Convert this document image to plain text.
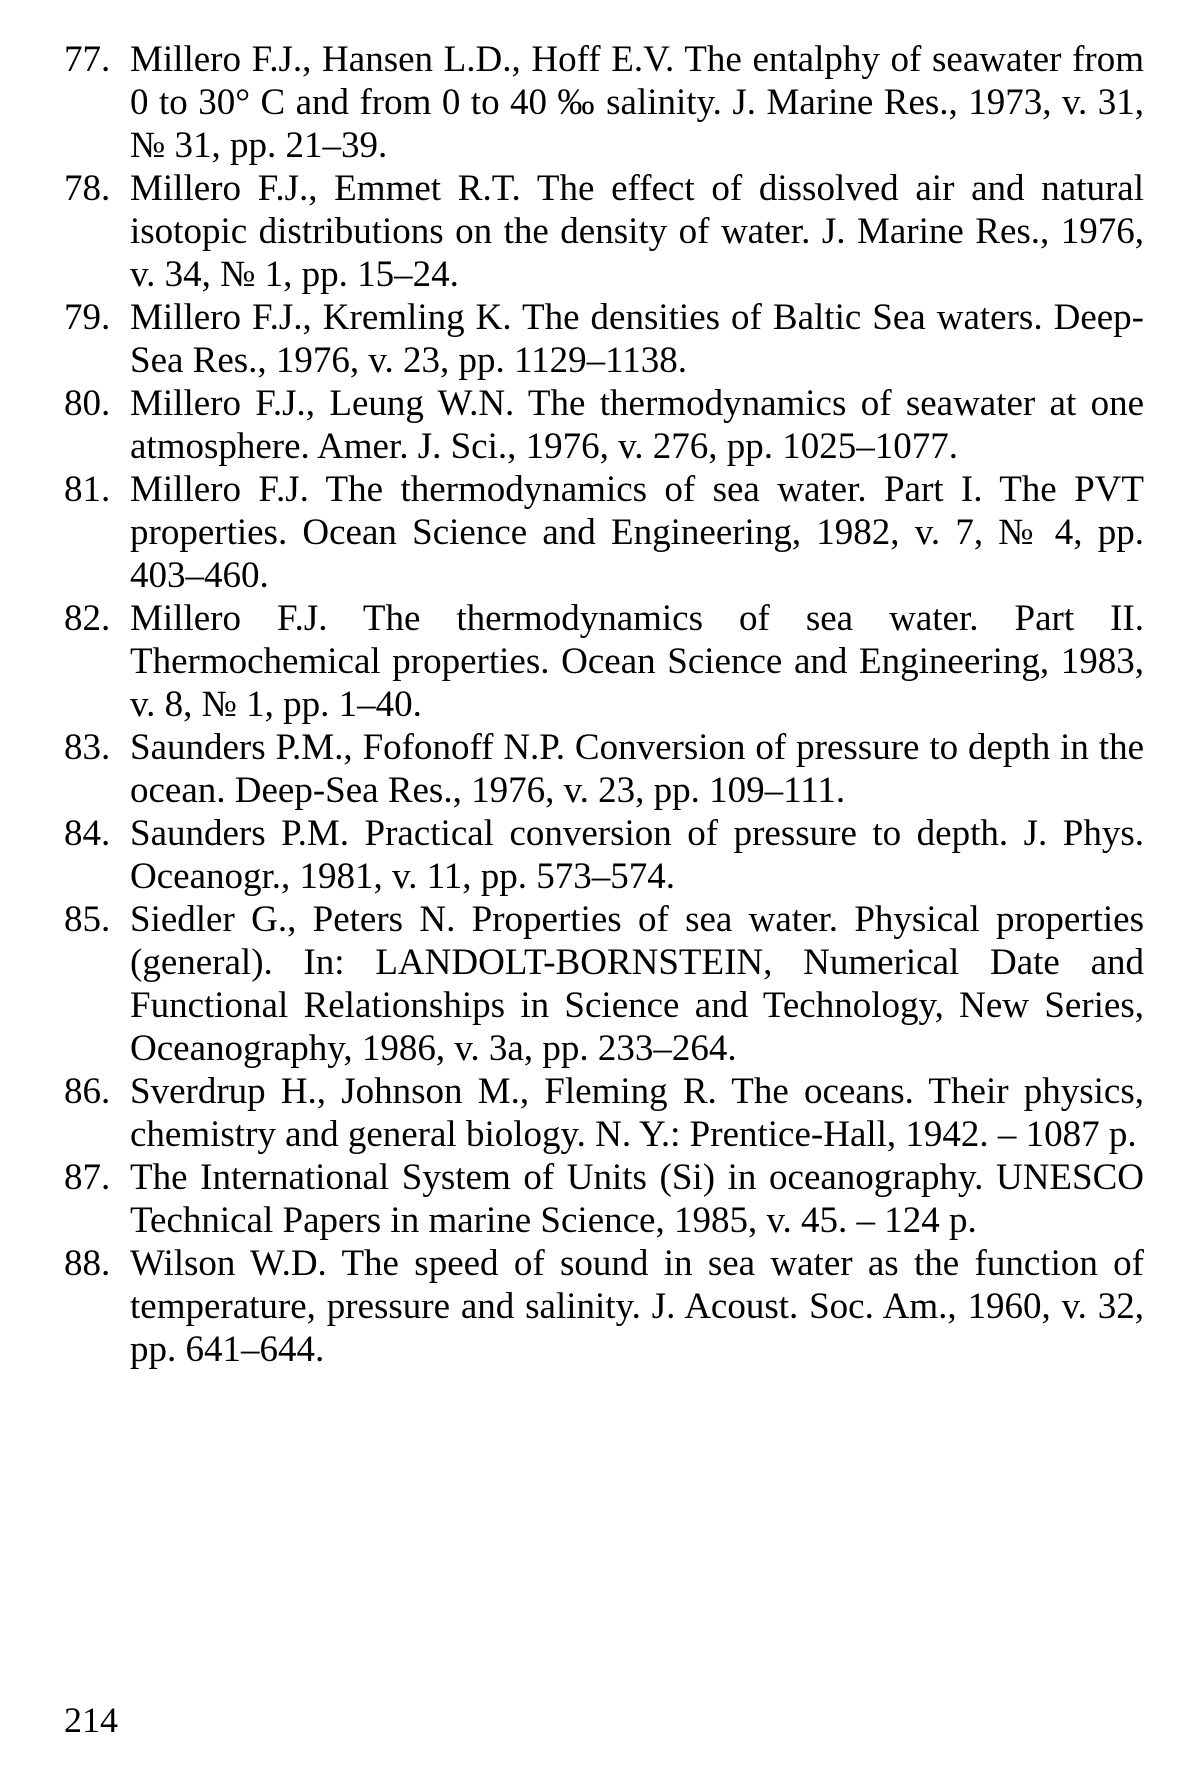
77. Millero F.J., Hansen L.D., Hoff E.V. The entalphy of seawater from 0 to 30° C and from 0 to 40 ‰ salinity. J. Marine Res., 1973, v. 31, № 31, pp. 21–39.
78. Millero F.J., Emmet R.T. The effect of dissolved air and natural isotopic distributions on the density of water. J. Marine Res., 1976, v. 34, № 1, pp. 15–24.
79. Millero F.J., Kremling K. The densities of Baltic Sea waters. Deep-Sea Res., 1976, v. 23, pp. 1129–1138.
80. Millero F.J., Leung W.N. The thermodynamics of seawater at one atmosphere. Amer. J. Sci., 1976, v. 276, pp. 1025–1077.
81. Millero F.J. The thermodynamics of sea water. Part I. The PVT properties. Ocean Science and Engineering, 1982, v. 7, № 4, pp. 403–460.
82. Millero F.J. The thermodynamics of sea water. Part II. Thermochemical properties. Ocean Science and Engineering, 1983, v. 8, № 1, pp. 1–40.
83. Saunders P.M., Fofonoff N.P. Conversion of pressure to depth in the ocean. Deep-Sea Res., 1976, v. 23, pp. 109–111.
84. Saunders P.M. Practical conversion of pressure to depth. J. Phys. Oceanogr., 1981, v. 11, pp. 573–574.
85. Siedler G., Peters N. Properties of sea water. Physical properties (general). In: LANDOLT-BORNSTEIN, Numerical Date and Functional Relationships in Science and Technology, New Series, Oceanography, 1986, v. 3a, pp. 233–264.
86. Sverdrup H., Johnson M., Fleming R. The oceans. Their physics, chemistry and general biology. N. Y.: Prentice-Hall, 1942. – 1087 p.
87. The International System of Units (Si) in oceanography. UNESCO Technical Papers in marine Science, 1985, v. 45. – 124 p.
88. Wilson W.D. The speed of sound in sea water as the function of temperature, pressure and salinity. J. Acoust. Soc. Am., 1960, v. 32, pp. 641–644.
214
